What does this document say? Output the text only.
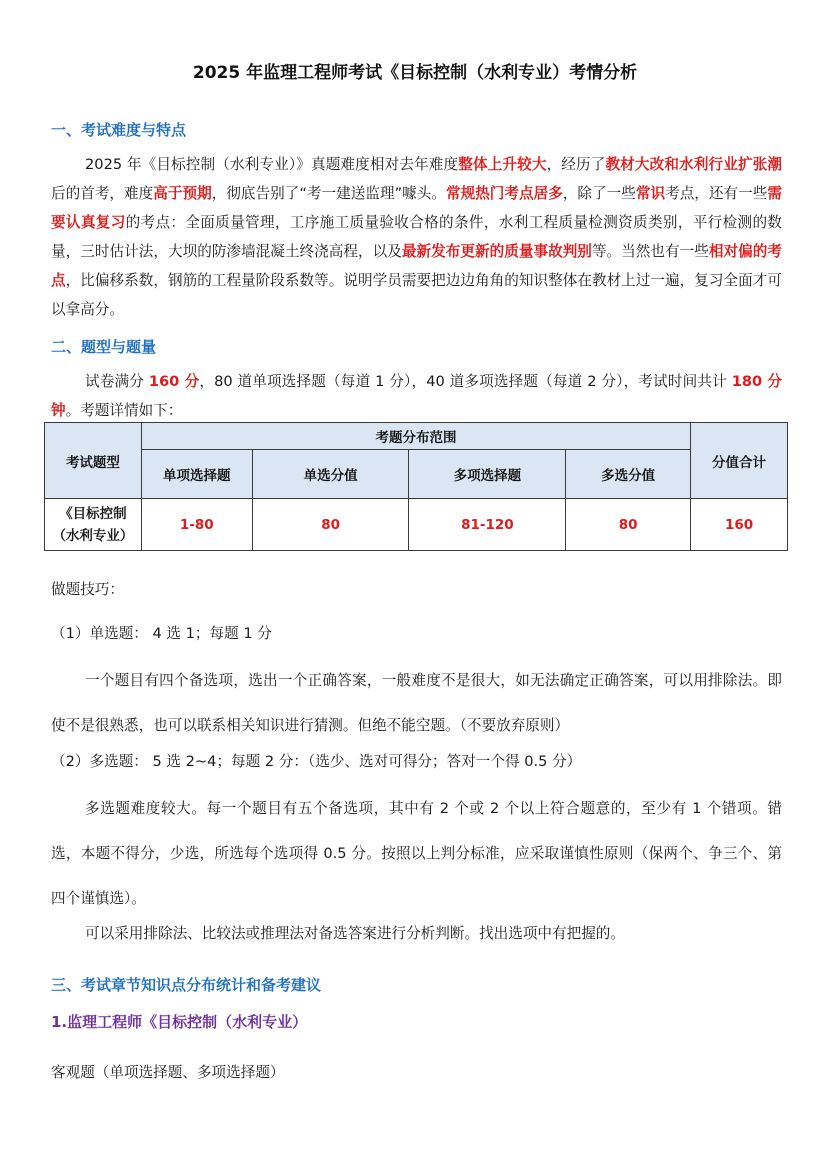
2025 年监理工程师考试《目标控制（水利专业）考情分析
一、考试难度与特点
2025 年《目标控制（水利专业）》真题难度相对去年难度整体上升较大，经历了教材大改和水利行业扩张潮后的首考，难度高于预期，彻底告别了“考一建送监理”噱头。常规热门考点居多，除了一些常识考点，还有一些需要认真复习的考点：全面质量管理，工序施工质量验收合格的条件，水利工程质量检测资质类别，平行检测的数量，三时估计法，大坝的防渗墙混凝土终浇高程，以及最新发布更新的质量事故判别等。当然也有一些相对偏的考点，比偏移系数，钢筋的工程量阶段系数等。说明学员需要把边边角角的知识整体在教材上过一遍，复习全面才可以拿高分。
二、题型与题量
试卷满分 160 分，80 道单项选择题（每道 1 分），40 道多项选择题（每道 2 分），考试时间共计 180 分钟。考题详情如下：
考试题型	考题分布范围				分值合计
	单项选择题	单选分值	多项选择题	多选分值	

《目标控制
（水利专业）	1-80	80	81-120	80	160
做题技巧：
（1）单选题： 4 选 1；每题 1 分
一个题目有四个备选项，选出一个正确答案，一般难度不是很大，如无法确定正确答案，可以用排除法。即使不是很熟悉，也可以联系相关知识进行猜测。但绝不能空题。（不要放弃原则）
（2）多选题： 5 选 2~4；每题 2 分：（选少、选对可得分；答对一个得 0.5 分）
多选题难度较大。每一个题目有五个备选项，其中有 2 个或 2 个以上符合题意的，至少有 1 个错项。错选，本题不得分，少选，所选每个选项得 0.5 分。按照以上判分标准，应采取谨慎性原则（保两个、争三个、第四个谨慎选）。
可以采用排除法、比较法或推理法对备选答案进行分析判断。找出选项中有把握的。
三、考试章节知识点分布统计和备考建议
1.监理工程师《目标控制（水利专业）
客观题（单项选择题、多项选择题）
